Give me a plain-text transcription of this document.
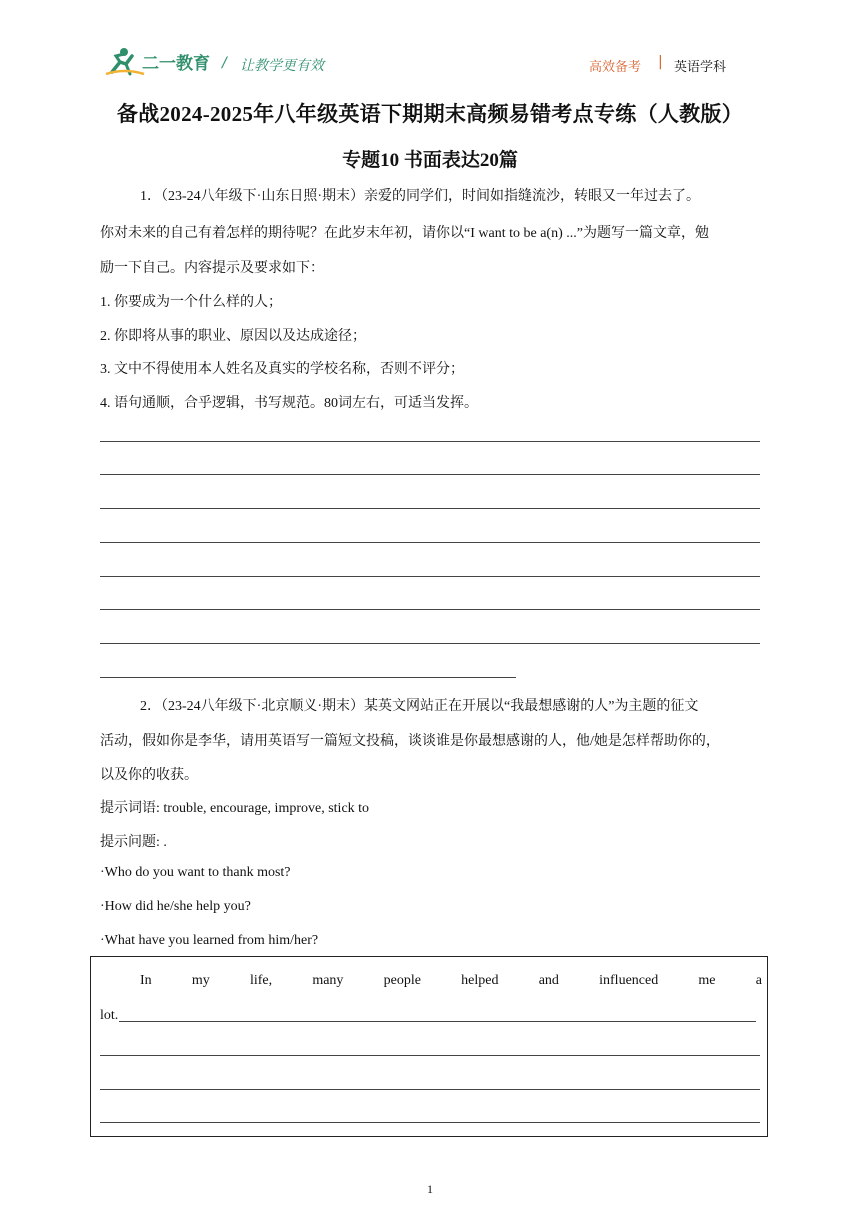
二一教育 / 让教学更有效	高效备考 | 英语学科
备战2024-2025年八年级英语下期期末高频易错考点专练（人教版）
专题10 书面表达20篇
1．（23-24八年级下·山东日照·期末）亲爱的同学们，时间如指缝流沙，转眼又一年过去了。
你对未来的自己有着怎样的期待呢？在此岁末年初，请你以“I want to be a(n) ...”为题写一篇文章，勉
励一下自己。内容提示及要求如下：
1. 你要成为一个什么样的人；
2. 你即将从事的职业、原因以及达成途径；
3. 文中不得使用本人姓名及真实的学校名称，否则不评分；
4. 语句通顺，合乎逻辑，书写规范。80词左右，可适当发挥。
2．（23-24八年级下·北京顺义·期末）某英文网站正在开展以“我最想感谢的人”为主题的征文
活动，假如你是李华，请用英语写一篇短文投稿，谈谈谁是你最想感谢的人，他/她是怎样帮助你的，
以及你的收获。
提示词语: trouble, encourage, improve, stick to
提示问题: .
·Who do you want to thank most?
·How did he/she help you?
·What have you learned from him/her?
In	my	life,	many	people	helped	and	influenced	me	a
lot.
1
